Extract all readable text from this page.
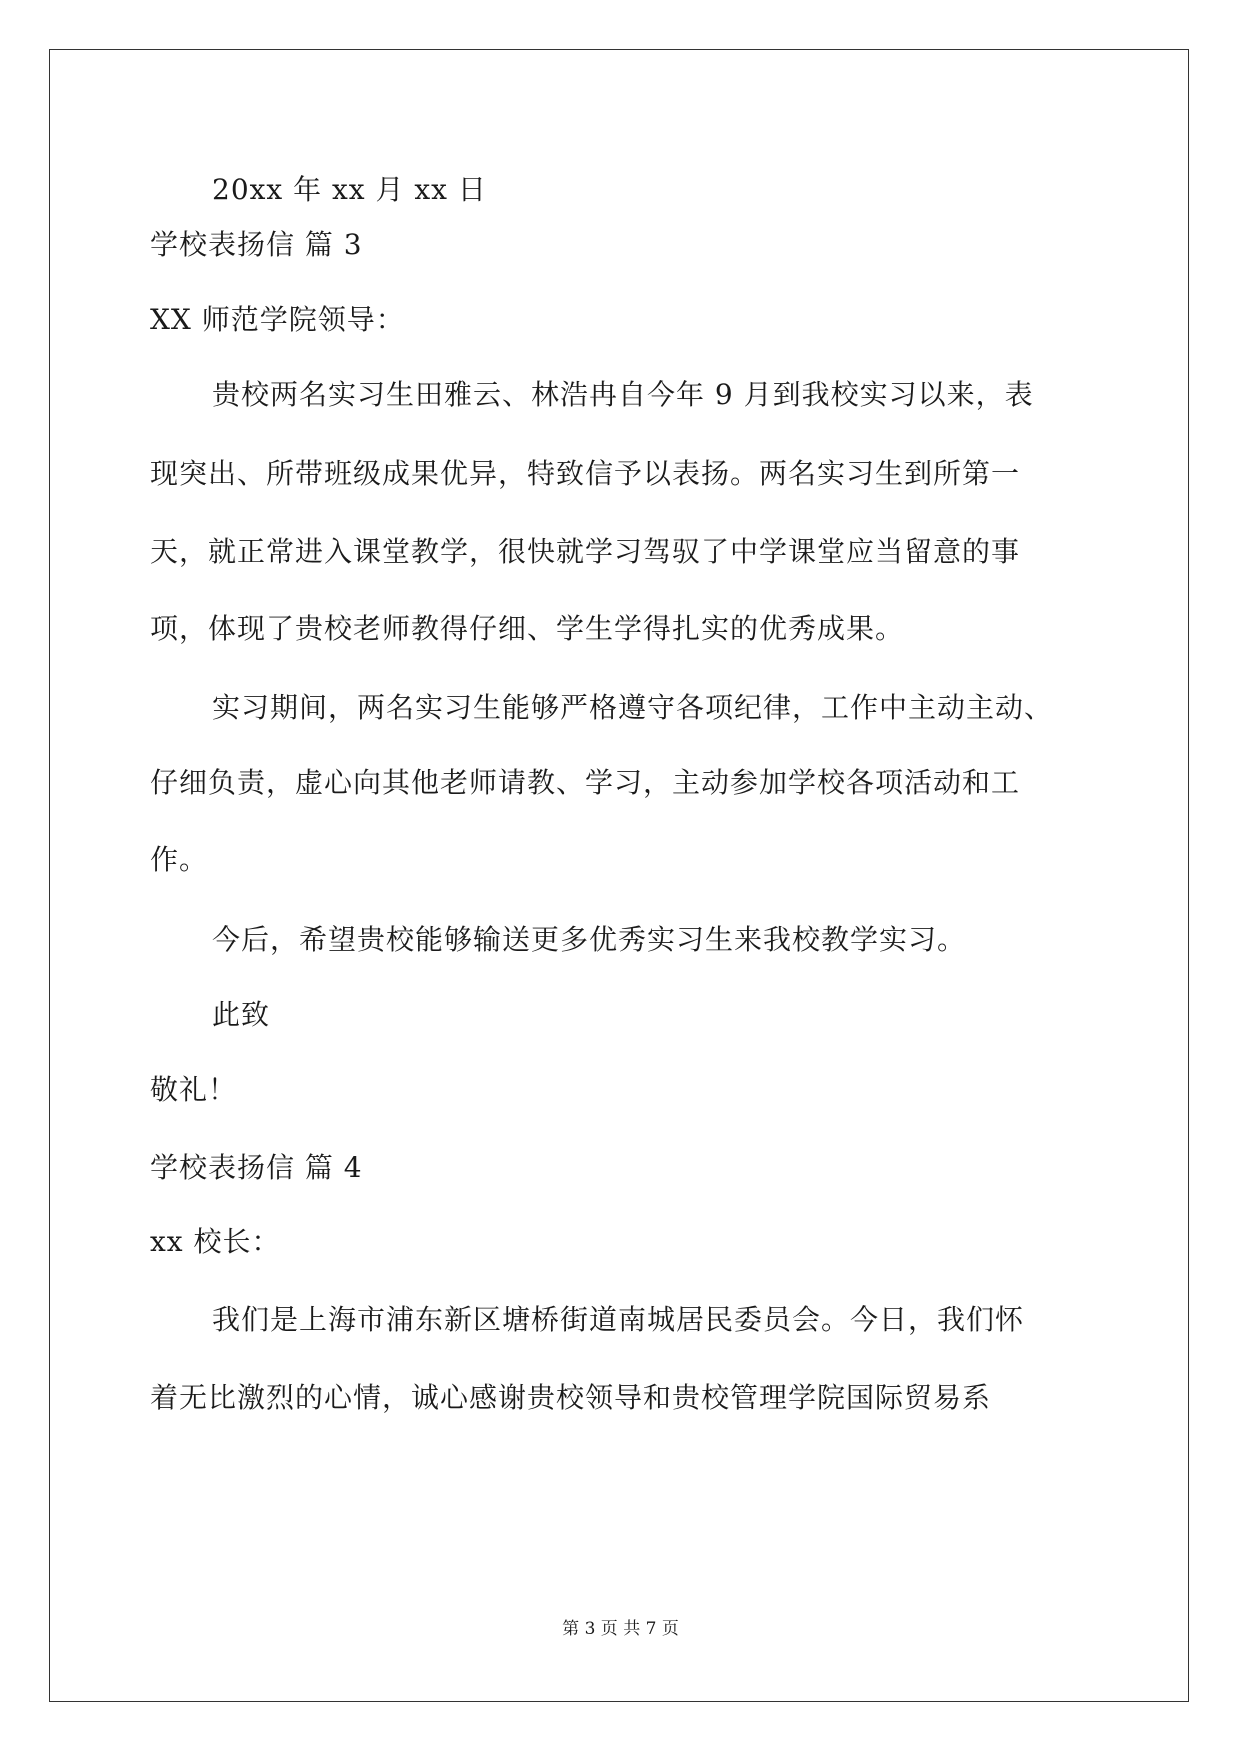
20xx 年 xx 月 xx 日
学校表扬信 篇 3
XX 师范学院领导：
贵校两名实习生田雅云、林浩冉自今年 9 月到我校实习以来，表
现突出、所带班级成果优异，特致信予以表扬。两名实习生到所第一
天，就正常进入课堂教学，很快就学习驾驭了中学课堂应当留意的事
项，体现了贵校老师教得仔细、学生学得扎实的优秀成果。
实习期间，两名实习生能够严格遵守各项纪律，工作中主动主动、
仔细负责，虚心向其他老师请教、学习，主动参加学校各项活动和工
作。
今后，希望贵校能够输送更多优秀实习生来我校教学实习。
此致
敬礼！
学校表扬信 篇 4
xx 校长：
我们是上海市浦东新区塘桥街道南城居民委员会。今日，我们怀
着无比激烈的心情，诚心感谢贵校领导和贵校管理学院国际贸易系
第 3 页 共 7 页
